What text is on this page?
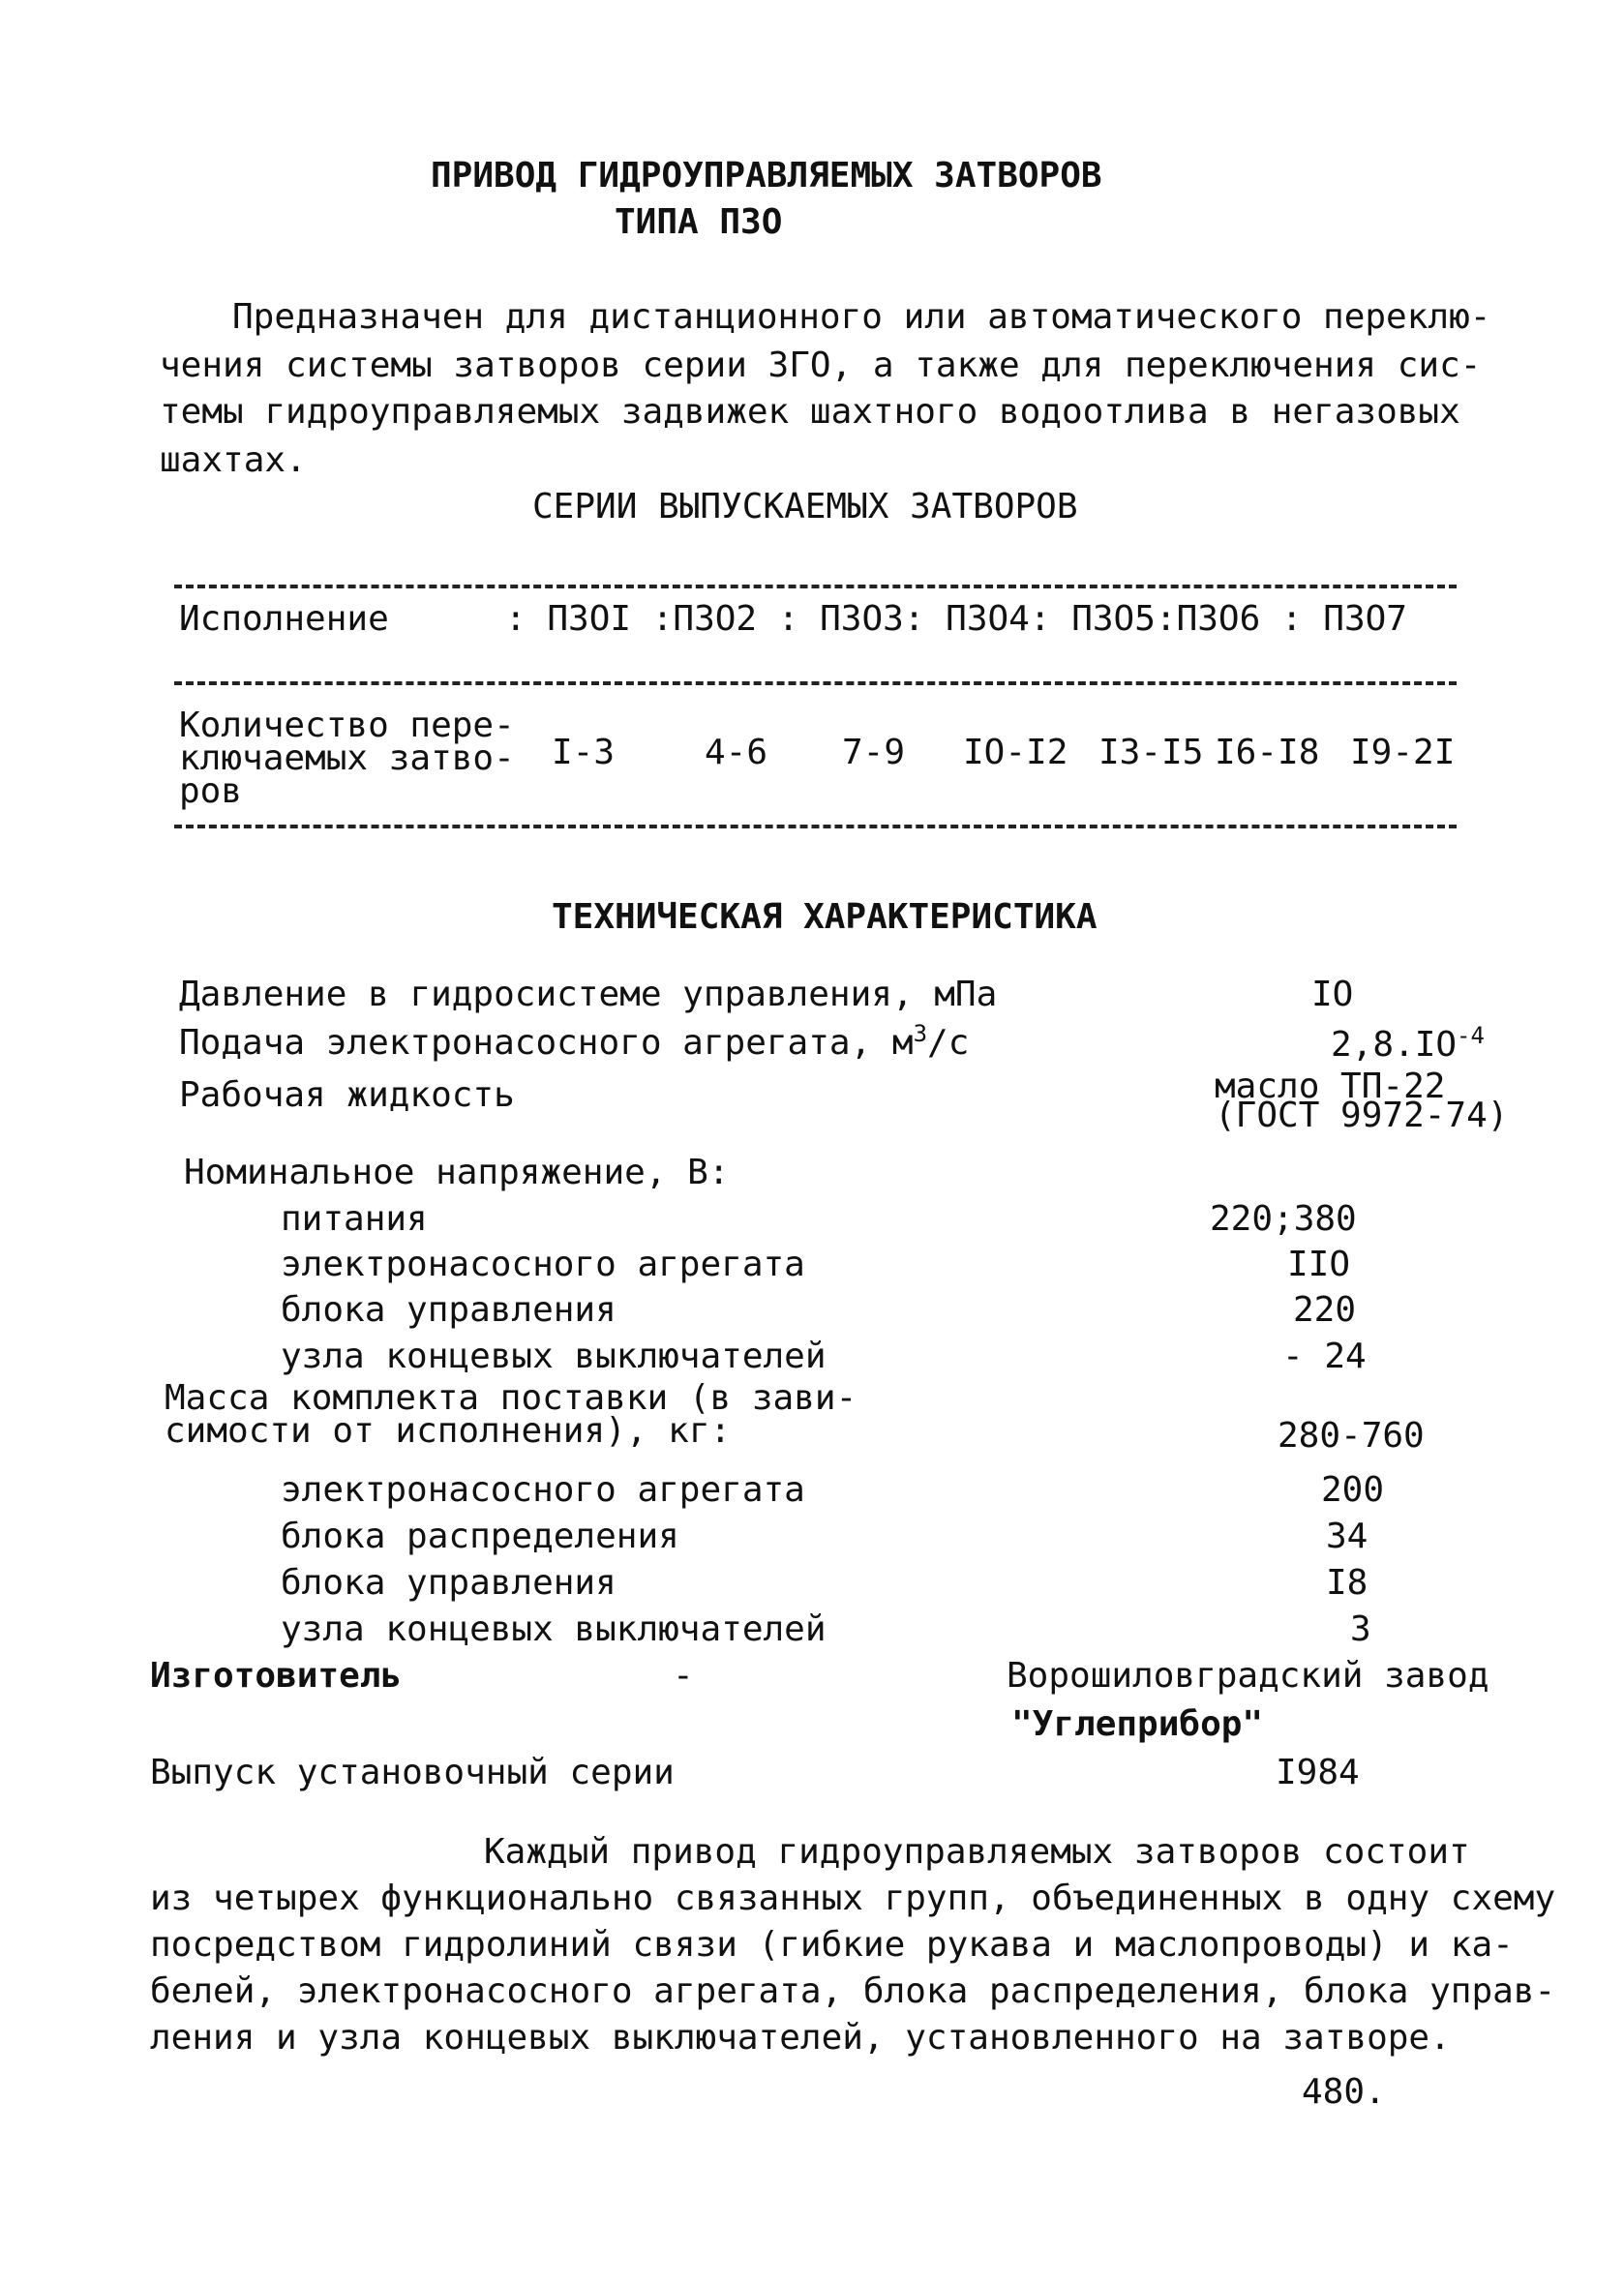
ПРИВОД ГИДРОУПРАВЛЯЕМЫХ ЗАТВОРОВ
ТИПА ПЗО
Предназначен для дистанционного или автоматического переклю-
чения системы затворов серии ЗГО, а также для переключения сис-
темы гидроуправляемых задвижек шахтного водоотлива в негазовых
шахтах.
СЕРИИ ВЫПУСКАЕМЫХ ЗАТВОРОВ
Исполнение	: ПЗОI :ПЗО2 : ПЗО3: ПЗО4: ПЗО5:ПЗО6 : ПЗО7
Количество пере-
ключаемых затво-
ров
I-3	4-6 7-9 IO-I2 I3-I5 I6-I8 I9-2I
ТЕХНИЧЕСКАЯ ХАРАКТЕРИСТИКА
Давление в гидросистеме управления, мПа	IO
Подача электронасосного агрегата, $м^3/с$	$2,8.IO^{-4}$
Рабочая жидкость	масло ТП-22
(ГОСТ 9972-74)
Номинальное напряжение, В:
питания	220;380
электронасосного агрегата	IIO
блока управления	220
узла концевых выключателей	- 24
Масса комплекта поставки (в зави-
симости от исполнения), кг:	280-760
электронасосного агрегата	200
блока распределения	34
блока управления	I8
узла концевых выключателей	3
Изготовитель	-	Ворошиловградский завод
"Углеприбор"
Выпуск установочный серии	I984
Каждый привод гидроуправляемых затворов состоит
из четырех функционально связанных групп, объединенных в одну схему
посредством гидролиний связи (гибкие рукава и маслопроводы) и ка-
белей, электронасосного агрегата, блока распределения, блока управ-
ления и узла концевых выключателей, установленного на затворе.
480.
